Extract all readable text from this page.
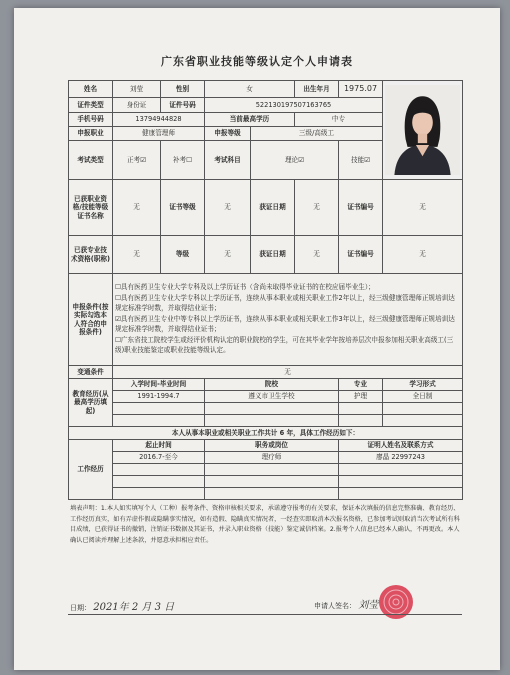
广东省职业技能等级认定个人申请表
姓名	刘莹	性别	女		出生年月	1975.07	

证件类型	身份证	证件号码	522130197507163765				
手机号码	13794944828		当前最高学历		中专		
申报职业	健康管理师		申报等级	三级/高级工			
考试类型	正考☑	补考☐	考试科目	理论☑		技能☑	
已获职业资格/技能等级证书名称	无	证书等级	无	获证日期	无	证书编号	无
已获专业技术资格(职称)	无	等级	无	获证日期	无	证书编号	无
申报条件(按实际勾选本人符合的申报条件)	☐具有医药卫生专业大学专科及以上学历证书（含尚未取得毕业证书的在校应届毕业生）；

☐具有医药卫生专业大学专科以上学历证书，连续从事本职业或相关职业工作2年以上，经三级健康管理师正规培训达规定标准学时数，并取得结业证书；

☑具有医药卫生专业中等专科以上学历证书，连续从事本职业或相关职业工作3年以上，经三级健康管理师正规培训达规定标准学时数，并取得结业证书；

☐广东省技工院校学生或经评价机构认定的职业院校的学生，可在其毕业学年按培养层次申报参加相关职业高级工(三级)职业技能鉴定或职业技能等级认定。						

变通条件	无						
教育经历(从最高学历填起)	入学时间-毕业时间		院校			专业	学习形式
	1991-1994.7		遵义市卫生学校			护理	全日制

本人从事本职业或相关职业工作共计 6 年，具体工作经历如下：							
工作经历	起止时间		职务或岗位			证明人姓名及联系方式	
	2016.7-至今		理疗师			廖晶 22997243	

填表声明：1.本人如实填写个人（工种）报考条件、资格审核相关要求，承诺遵守报考的有关要求，保证本次填报的信息完整准确、教育经历、工作经历真实，如有弄虚作假或隐瞒事实情况，如有造假、隐瞒真实情况者，一经查实即取消本次报名资格，已参加考试则取消当次考试所有科目成绩，已获得证书的撤销，注销证书数据及其证书，并录入职业资格（技能）鉴定诚信档案。2.报考个人信息已经本人确认，不再更改。本人确认已阅读并理解上述条款，并愿意承担相应责任。

日期： 2021年 2 月 3 日	申请人签名： 刘莹
